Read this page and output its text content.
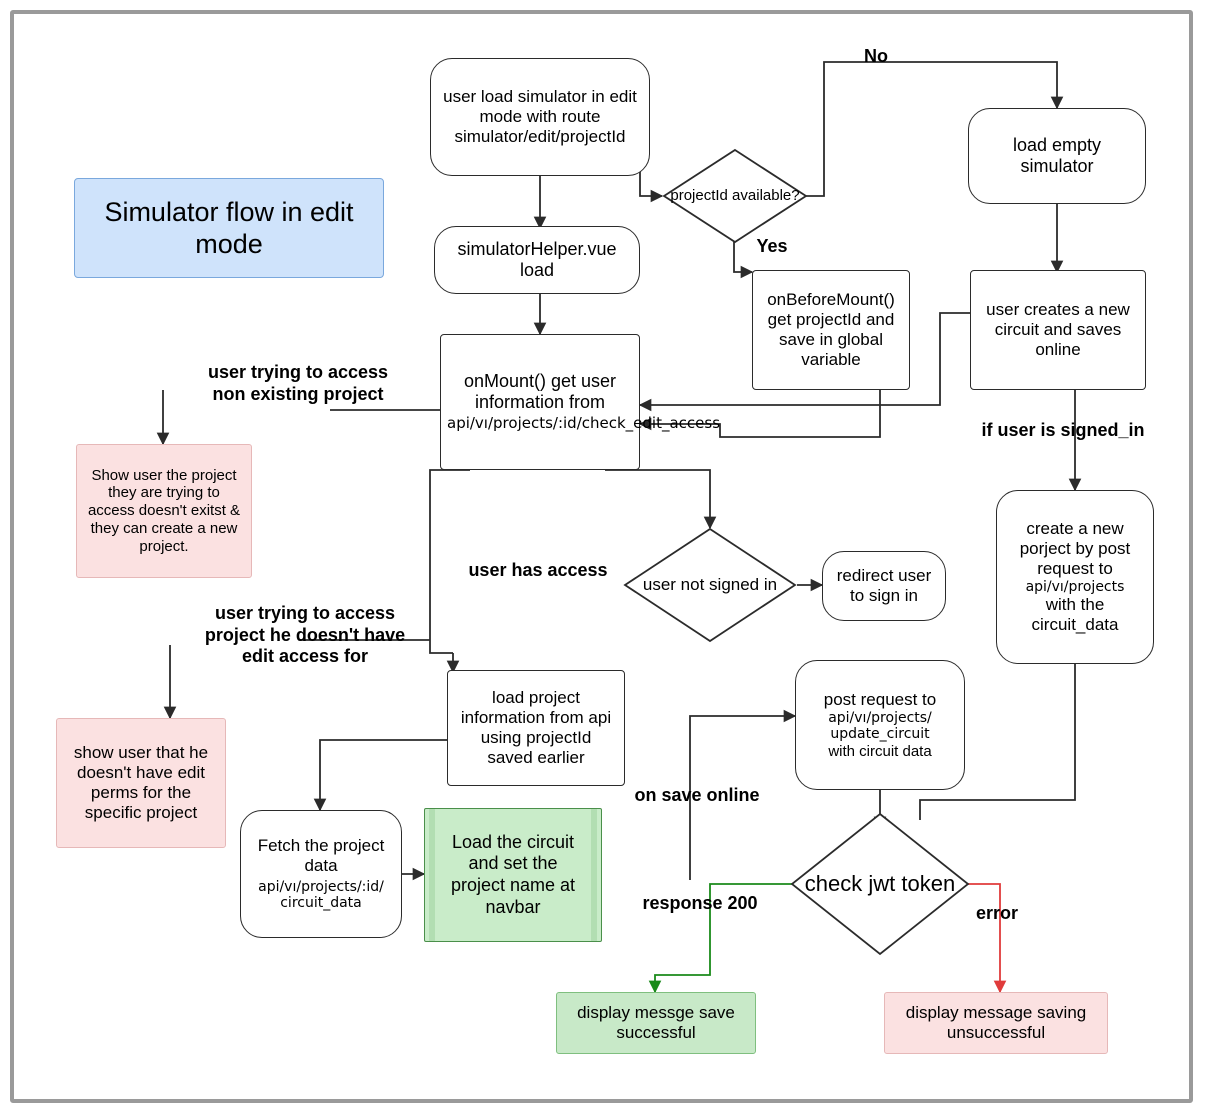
Simulator flow in edit mode
user load simulator in edit mode with route simulator/edit/projectId
simulatorHelper.vue load
projectId available?
load empty simulator
onBeforeMount() get projectId and save in global variable
user creates a new circuit and saves online
onMount() get user information from
api/vı/projects/:id/check_edit_access
Show user the project they are trying to access doesn't exitst & they can create a new project.
user not signed in	redirect user to sign in
create a new porject by post request to
api/vı/projects
with the circuit_data
show user that he doesn't have edit perms for the specific project
load project information from api using projectId saved earlier
Fetch the project data
api/vı/projects/:id/ circuit_data
Load the circuit and set the project name at navbar
post request to
api/vı/projects/ update_circuit
with circuit data
check jwt token
display messge save successful
display message saving unsuccessful
No
Yes
user trying to access non existing project
if user is signed_in
user has access
user trying to access project he doesn't have edit access for
on save online
response 200	error
